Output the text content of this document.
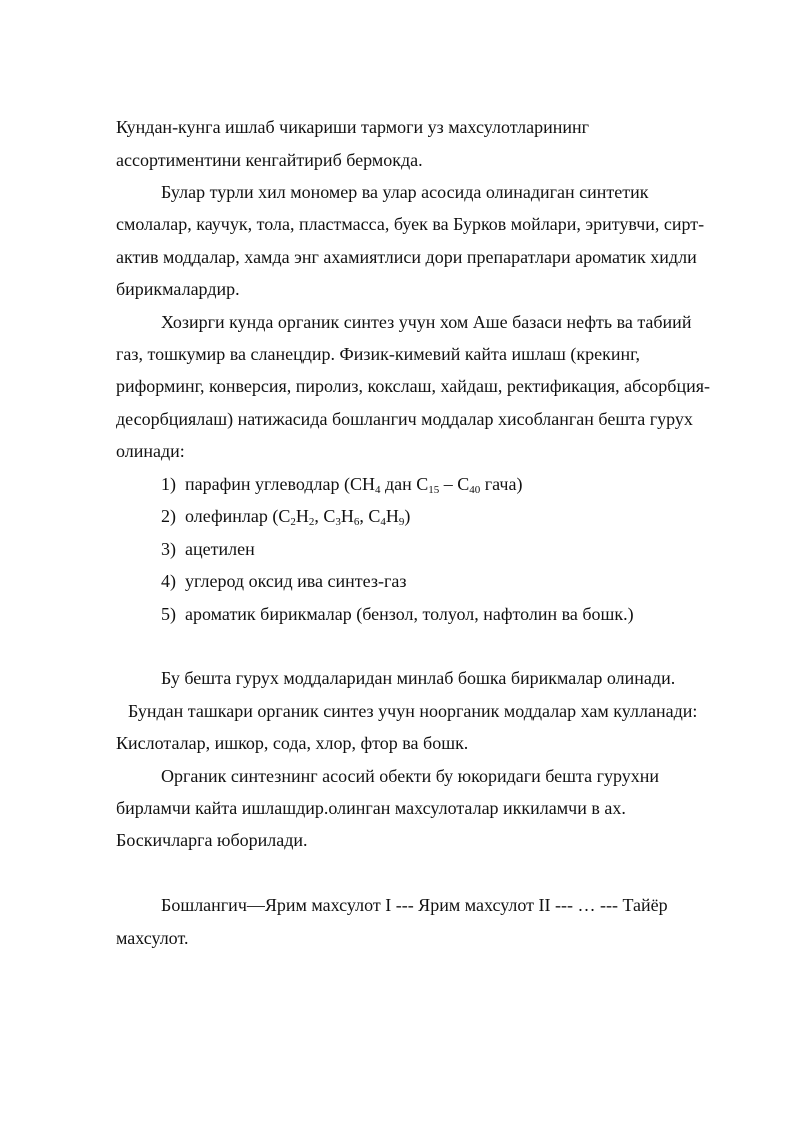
Кундан-кунга ишлаб чикариши тармоги уз махсулотларининг
ассортиментини кенгайтириб бермокда.
Булар турли хил мономер ва улар асосида олинадиган синтетик
смолалар, каучук, тола, пластмасса, буек ва Бурков мойлари, эритувчи, сирт-
актив моддалар, хамда энг ахамиятлиси дори препаратлари ароматик хидли
бирикмалардир.
Хозирги кунда органик синтез учун хом Аше базаси нефть ва табиий
газ, тошкумир ва сланецдир. Физик-кимевий кайта ишлаш (крекинг,
риформинг, конверсия, пиролиз, кокслаш, хайдаш, ректификация, абсорбция-
десорбциялаш) натижасида бошлангич моддалар хисобланган бешта гурух
олинади:
1) парафин углеводлар ($CH_4$ дан $C_{15} - C_{40}$ гача)
2) олефинлар ($C_2H_2$, $C_3H_6$, $C_4H_9$)
3) ацетилен
4) углерод оксид ива синтез-газ
5) ароматик бирикмалар (бензол, толуол, нафтолин ва бошк.)
Бу бешта гурух моддаларидан минлаб бошка бирикмалар олинади.
Бундан ташкари органик синтез учун ноорганик моддалар хам кулланади:
Кислоталар, ишкор, сода, хлор, фтор ва бошк.
Органик синтезнинг асосий обекти бу юкоридаги бешта гурухни
бирламчи кайта ишлашдир.олинган махсулоталар иккиламчи в ах.
Боскичларга юборилади.
Бошлангич—Ярим махсулот I --- Ярим махсулот II --- … --- Тайёр
махсулот.
